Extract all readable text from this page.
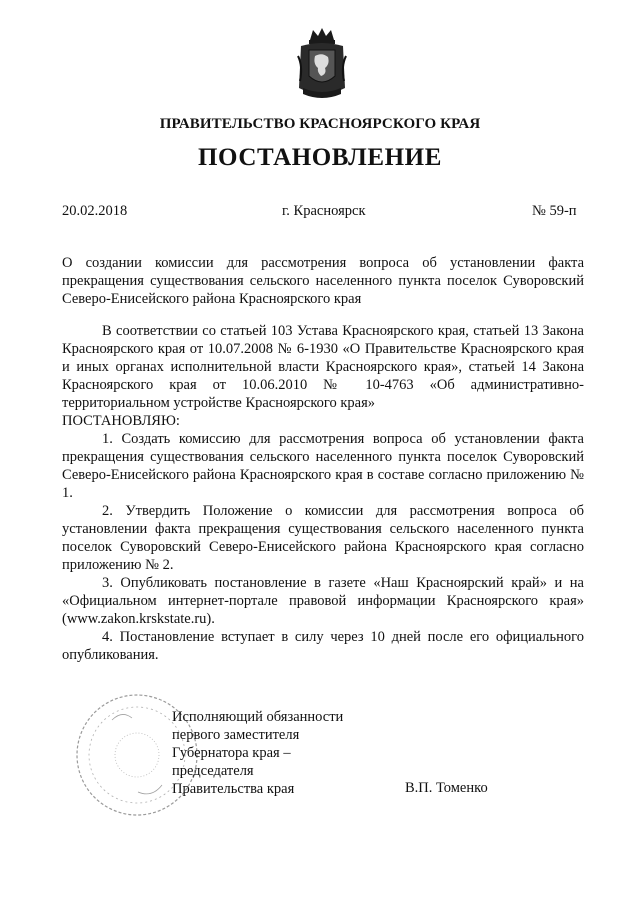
ПРАВИТЕЛЬСТВО КРАСНОЯРСКОГО КРАЯ
ПОСТАНОВЛЕНИЕ
20.02.2018	г. Красноярск	№ 59-п
О создании комиссии для рассмотрения вопроса об установлении факта прекращения существования сельского населенного пункта поселок Суворовский Северо-Енисейского района Красноярского края

В соответствии со статьей 103 Устава Красноярского края, статьей 13 Закона Красноярского края от 10.07.2008 № 6-1930 «О Правительстве Красноярского края и иных органах исполнительной власти Красноярского края», статьей 14 Закона Красноярского края от 10.06.2010 № 10-4763 «Об административно-территориальном устройстве Красноярского края»

ПОСТАНОВЛЯЮ:

1. Создать комиссию для рассмотрения вопроса об установлении факта прекращения существования сельского населенного пункта поселок Суворовский Северо-Енисейского района Красноярского края в составе согласно приложению № 1.

2. Утвердить Положение о комиссии для рассмотрения вопроса об установлении факта прекращения существования сельского населенного пункта поселок Суворовский Северо-Енисейского района Красноярского края согласно приложению № 2.

3. Опубликовать постановление в газете «Наш Красноярский край» и на «Официальном интернет-портале правовой информации Красноярского края» (www.zakon.krskstate.ru).

4. Постановление вступает в силу через 10 дней после его официального опубликования.

Исполняющий обязанности
первого заместителя
Губернатора края –
председателя
Правительства края	В.П. Томенко
